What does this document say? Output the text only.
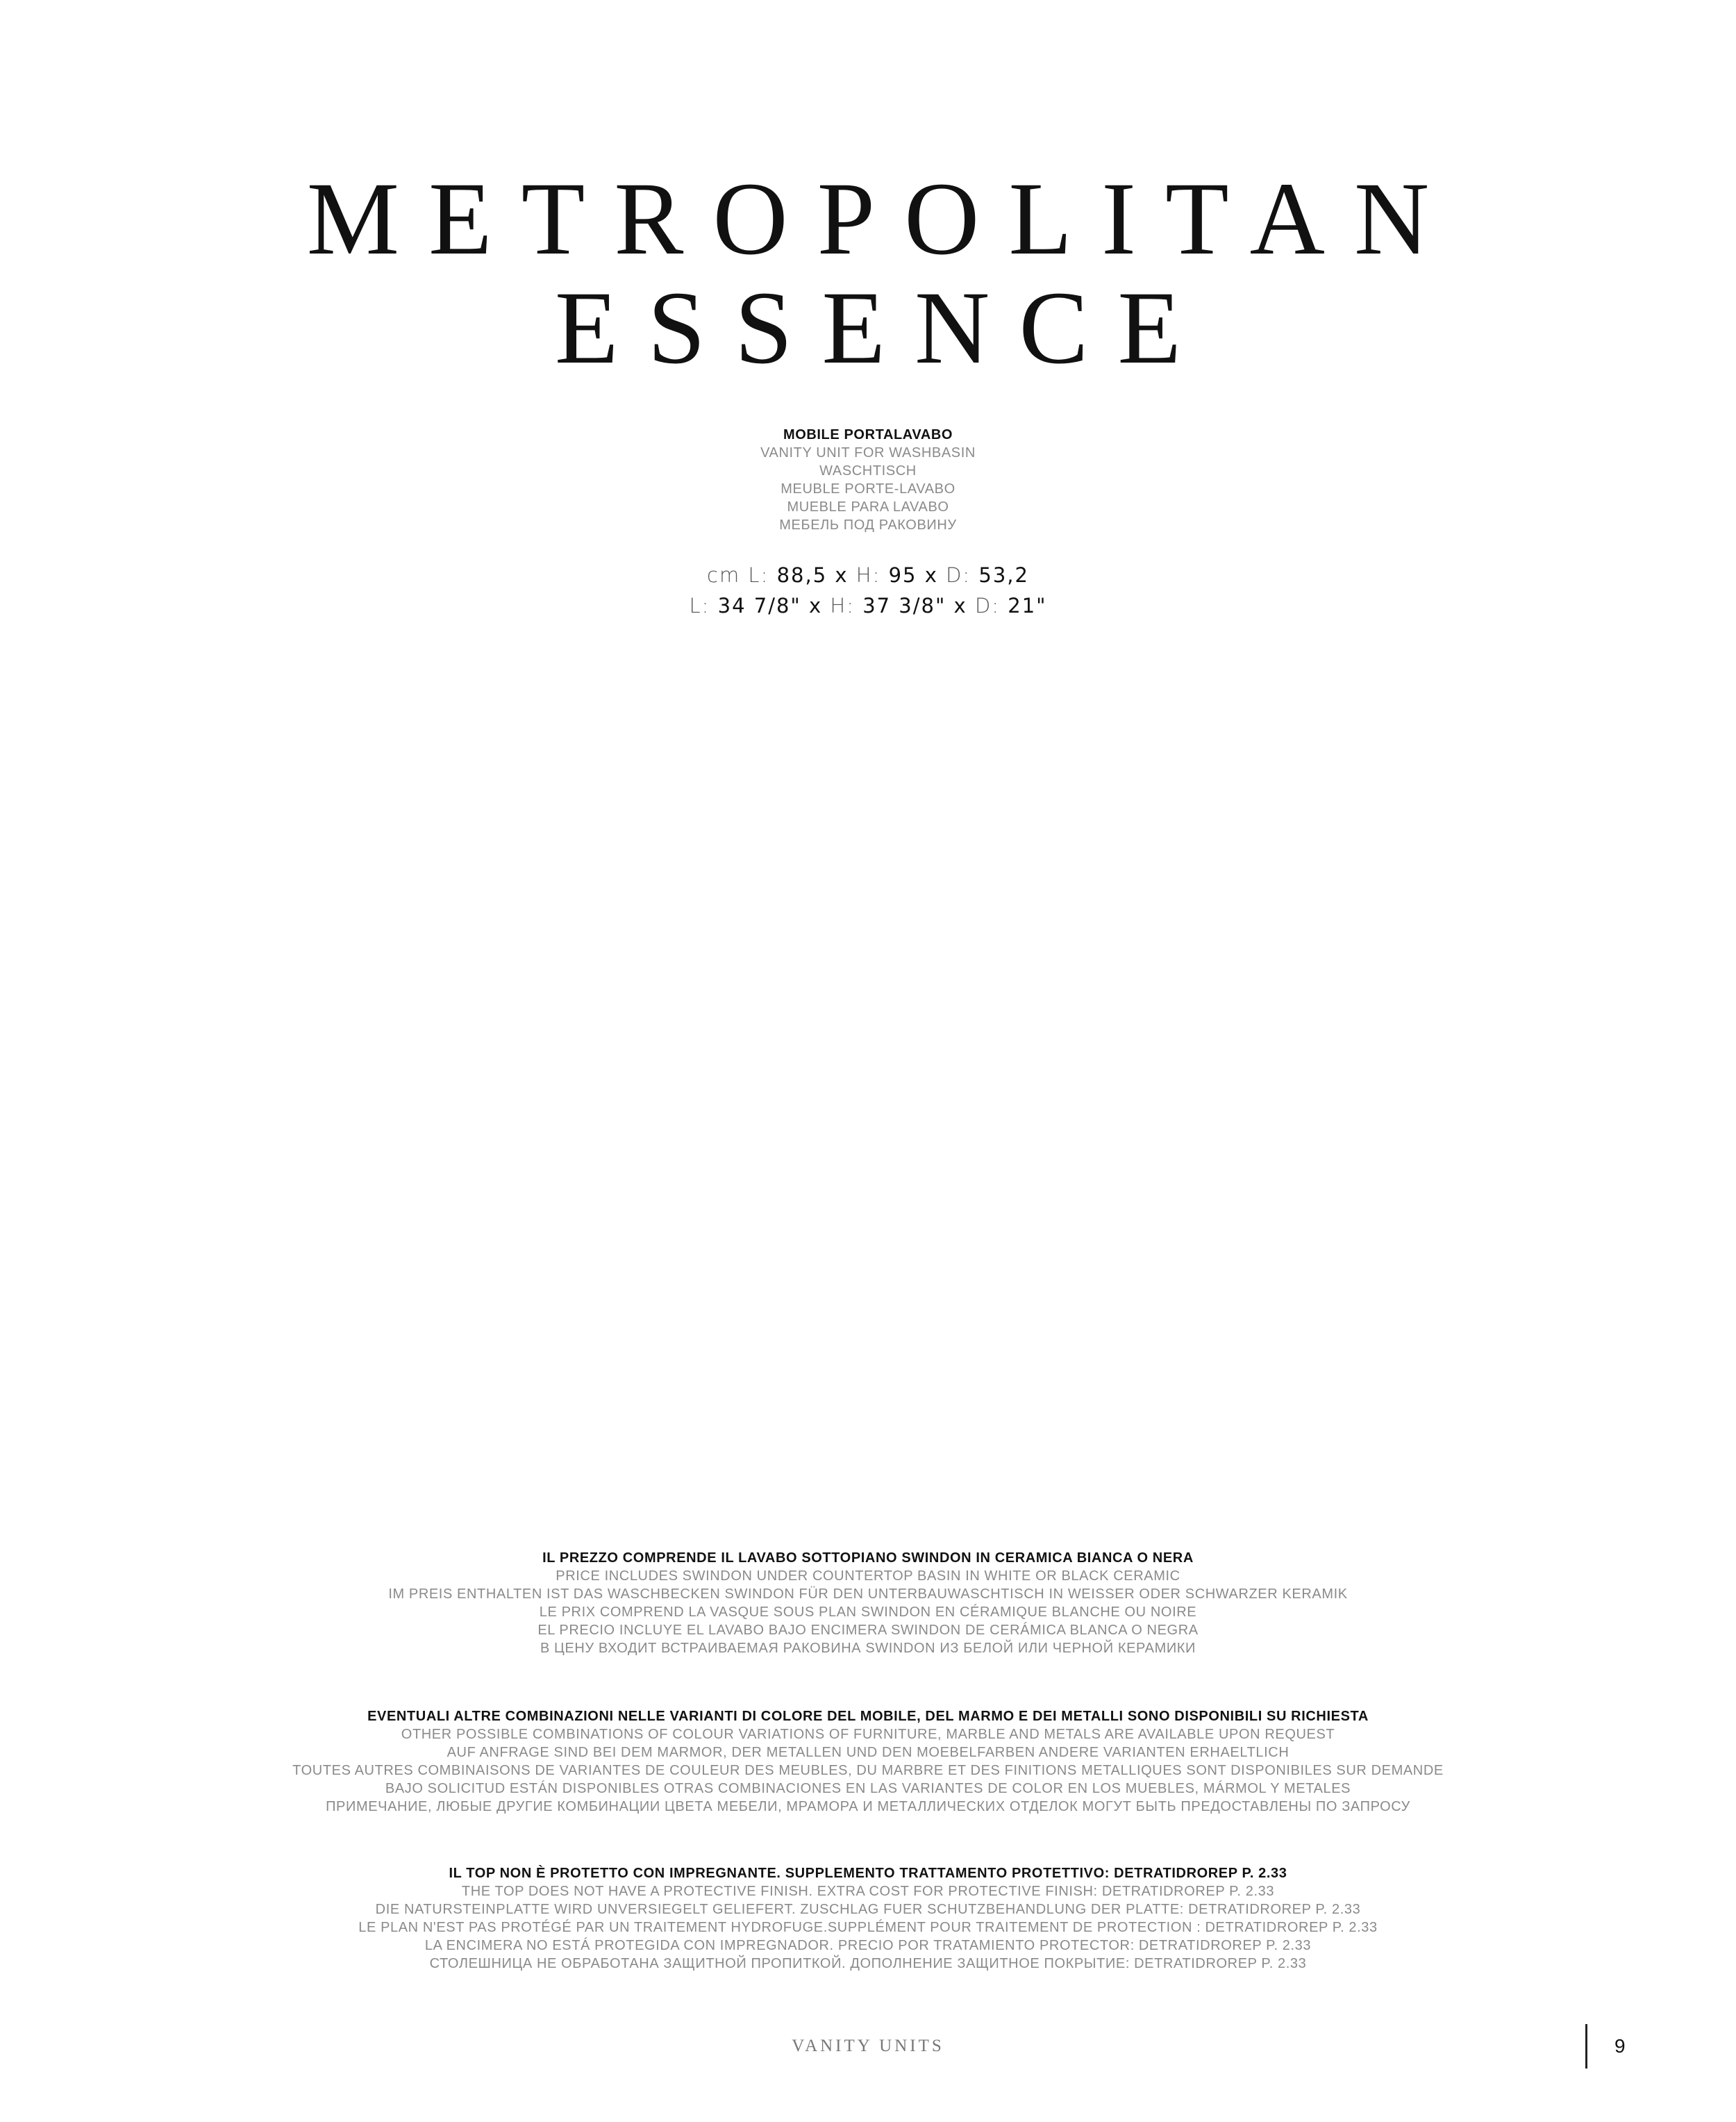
METROPOLITAN
ESSENCE
MOBILE PORTALAVABO
VANITY UNIT FOR WASHBASIN
WASCHTISCH
MEUBLE PORTE-LAVABO
MUEBLE PARA LAVABO
МЕБЕЛЬ ПОД РАКОВИНУ
cm L: 88,5 x H: 95 x D: 53,2
L: 34 7/8" x H: 37 3/8" x D: 21"
IL PREZZO COMPRENDE IL LAVABO SOTTOPIANO SWINDON IN CERAMICA BIANCA O NERA
PRICE INCLUDES SWINDON UNDER COUNTERTOP BASIN IN WHITE OR BLACK CERAMIC
IM PREIS ENTHALTEN IST DAS WASCHBECKEN SWINDON FÜR DEN UNTERBAUWASCHTISCH IN WEISSER ODER SCHWARZER KERAMIK
LE PRIX COMPREND LA VASQUE SOUS PLAN SWINDON EN CÉRAMIQUE BLANCHE OU NOIRE
EL PRECIO INCLUYE EL LAVABO BAJO ENCIMERA SWINDON DE CERÁMICA BLANCA O NEGRA
В ЦЕНУ ВХОДИТ ВСТРАИВАЕМАЯ РАКОВИНА SWINDON ИЗ БЕЛОЙ ИЛИ ЧЕРНОЙ КЕРАМИКИ
EVENTUALI ALTRE COMBINAZIONI NELLE VARIANTI DI COLORE DEL MOBILE, DEL MARMO E DEI METALLI SONO DISPONIBILI SU RICHIESTA
OTHER POSSIBLE COMBINATIONS OF COLOUR VARIATIONS OF FURNITURE, MARBLE AND METALS ARE AVAILABLE UPON REQUEST
AUF ANFRAGE SIND BEI DEM MARMOR, DER METALLEN UND DEN MOEBELFARBEN ANDERE VARIANTEN ERHAELTLICH
TOUTES AUTRES COMBINAISONS DE VARIANTES DE COULEUR DES MEUBLES, DU MARBRE ET DES FINITIONS METALLIQUES SONT DISPONIBILES SUR DEMANDE
BAJO SOLICITUD ESTÁN DISPONIBLES OTRAS COMBINACIONES EN LAS VARIANTES DE COLOR EN LOS MUEBLES, MÁRMOL Y METALES
ПРИМЕЧАНИЕ, ЛЮБЫЕ ДРУГИЕ КОМБИНАЦИИ ЦВЕТА МЕБЕЛИ, МРАМОРА И МЕТАЛЛИЧЕСКИХ ОТДЕЛОК МОГУТ БЫТЬ ПРЕДОСТАВЛЕНЫ ПО ЗАПРОСУ
IL TOP NON È PROTETTO CON IMPREGNANTE. SUPPLEMENTO TRATTAMENTO PROTETTIVO: DETRATIDROREP P. 2.33
THE TOP DOES NOT HAVE A PROTECTIVE FINISH. EXTRA COST FOR PROTECTIVE FINISH: DETRATIDROREP P. 2.33
DIE NATURSTEINPLATTE WIRD UNVERSIEGELT GELIEFERT. ZUSCHLAG FUER SCHUTZBEHANDLUNG DER PLATTE: DETRATIDROREP P. 2.33
LE PLAN N'EST PAS PROTÉGÉ PAR UN TRAITEMENT HYDROFUGE.SUPPLÉMENT POUR TRAITEMENT DE PROTECTION : DETRATIDROREP P. 2.33
LA ENCIMERA NO ESTÁ PROTEGIDA CON IMPREGNADOR. PRECIO POR TRATAMIENTO PROTECTOR: DETRATIDROREP P. 2.33
СТОЛЕШНИЦА НЕ ОБРАБОТАНА ЗАЩИТНОЙ ПРОПИТКОЙ. ДОПОЛНЕНИЕ ЗАЩИТНОЕ ПОКРЫТИЕ: DETRATIDROREP P. 2.33
VANITY UNITS	9
